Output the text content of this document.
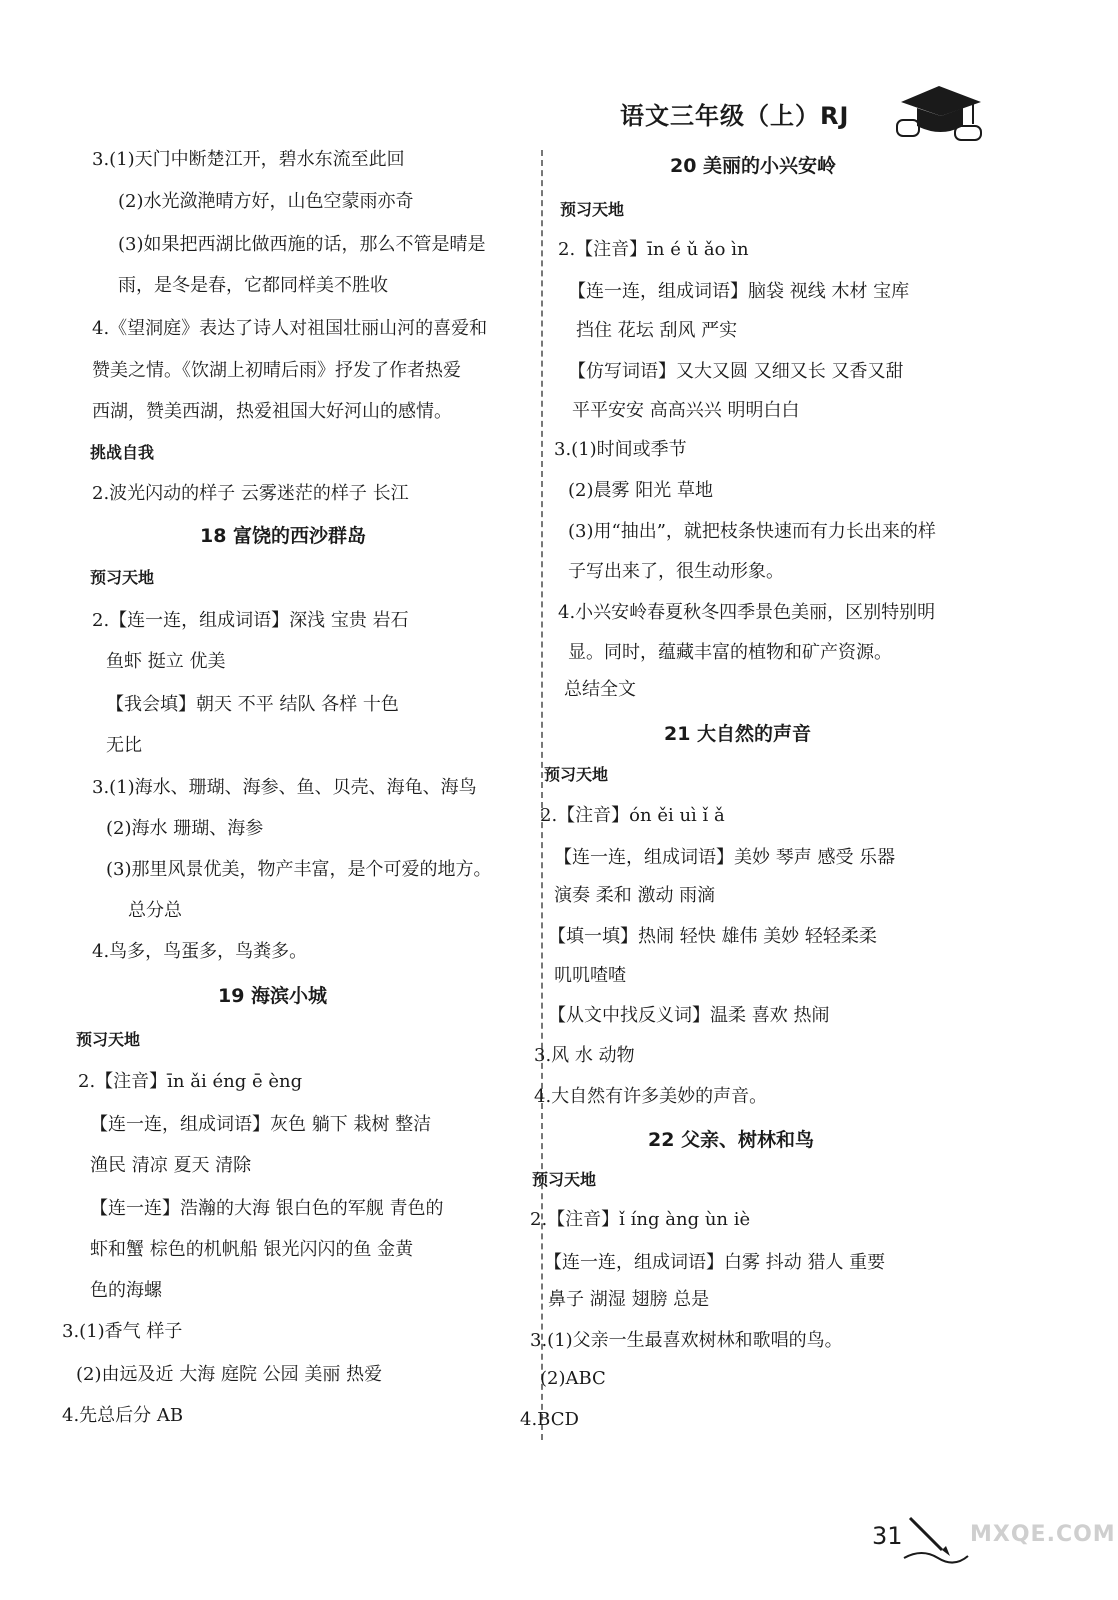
语文三年级（上）RJ
3.(1)天门中断楚江开，碧水东流至此回
(2)水光潋滟晴方好，山色空蒙雨亦奇
(3)如果把西湖比做西施的话，那么不管是晴是
雨，是冬是春，它都同样美不胜收
4.《望洞庭》表达了诗人对祖国壮丽山河的喜爱和
赞美之情。《饮湖上初晴后雨》抒发了作者热爱
西湖，赞美西湖，热爱祖国大好河山的感情。
挑战自我
2.波光闪动的样子 云雾迷茫的样子 长江
18 富饶的西沙群岛
预习天地
2.【连一连，组成词语】深浅 宝贵 岩石
鱼虾 挺立 优美
【我会填】朝天 不平 结队 各样 十色
无比
3.(1)海水、珊瑚、海参、鱼、贝壳、海龟、海鸟
(2)海水 珊瑚、海参
(3)那里风景优美，物产丰富，是个可爱的地方。
总分总
4.鸟多，鸟蛋多，鸟粪多。
19 海滨小城
预习天地
2.【注音】īn ǎi éng ē èng
【连一连，组成词语】灰色 躺下 栽树 整洁
渔民 清凉 夏天 清除
【连一连】浩瀚的大海 银白色的军舰 青色的
虾和蟹 棕色的机帆船 银光闪闪的鱼 金黄
色的海螺
3.(1)香气 样子
(2)由远及近 大海 庭院 公园 美丽 热爱
4.先总后分 AB
20 美丽的小兴安岭
预习天地
2.【注音】īn é ǔ ǎo ìn
【连一连，组成词语】脑袋 视线 木材 宝库
挡住 花坛 刮风 严实
【仿写词语】又大又圆 又细又长 又香又甜
平平安安 高高兴兴 明明白白
3.(1)时间或季节
(2)晨雾 阳光 草地
(3)用“抽出”，就把枝条快速而有力长出来的样
子写出来了，很生动形象。
4.小兴安岭春夏秋冬四季景色美丽，区别特别明
显。同时，蕴藏丰富的植物和矿产资源。
总结全文
21 大自然的声音
预习天地
2.【注音】ón ěi uì ǐ ǎ
【连一连，组成词语】美妙 琴声 感受 乐器
演奏 柔和 激动 雨滴
【填一填】热闹 轻快 雄伟 美妙 轻轻柔柔
叽叽喳喳
【从文中找反义词】温柔 喜欢 热闹
3.风 水 动物
4.大自然有许多美妙的声音。
22 父亲、树林和鸟
预习天地
2.【注音】ǐ íng àng ùn iè
【连一连，组成词语】白雾 抖动 猎人 重要
鼻子 湖湿 翅膀 总是
3.(1)父亲一生最喜欢树林和歌唱的鸟。
(2)ABC
4.BCD
31	MXQE.COM
